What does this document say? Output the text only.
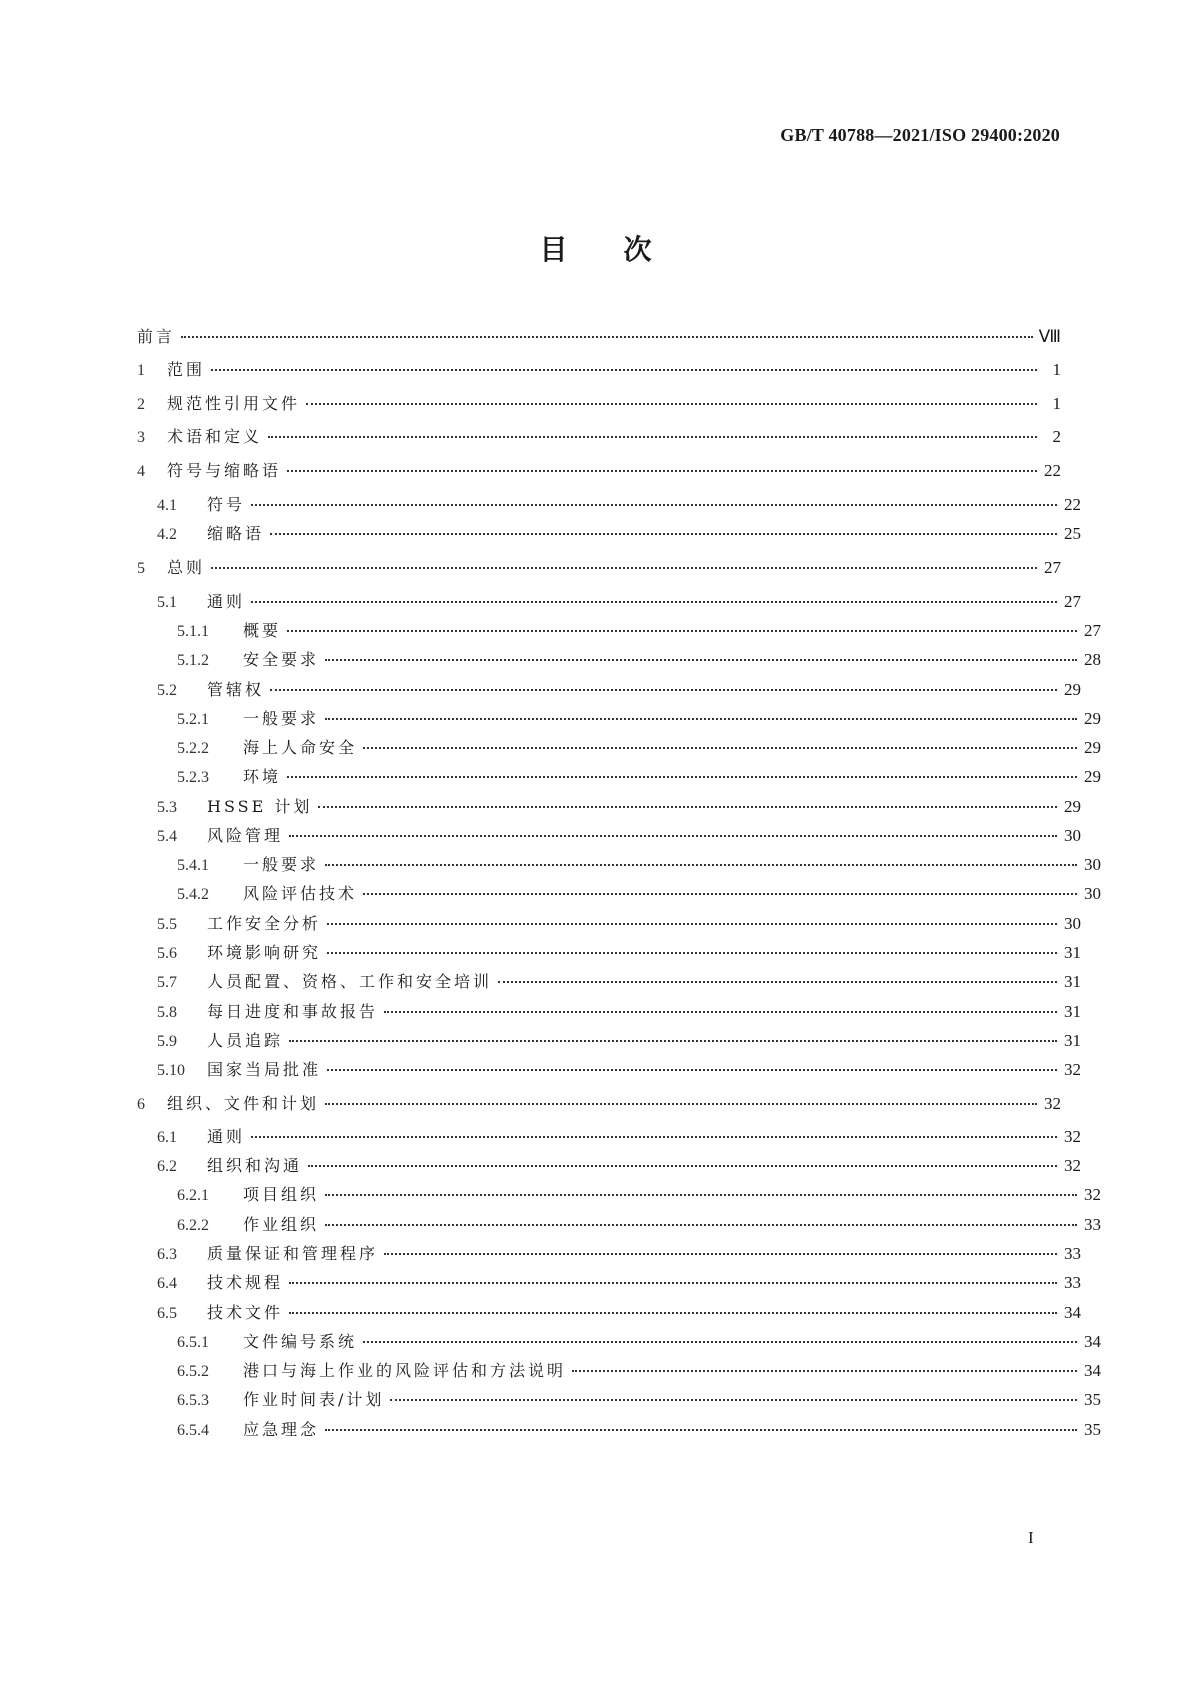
GB/T 40788—2021/ISO 29400:2020
目　　次
前言	Ⅷ
1	范围	1
2	规范性引用文件	1
3	术语和定义	2
4	符号与缩略语	22
4.1	符号	22
4.2	缩略语	25
5	总则	27
5.1	通则	27
5.1.1	概要	27
5.1.2	安全要求	28
5.2	管辖权	29
5.2.1	一般要求	29
5.2.2	海上人命安全	29
5.2.3	环境	29
5.3	HSSE 计划	29
5.4	风险管理	30
5.4.1	一般要求	30
5.4.2	风险评估技术	30
5.5	工作安全分析	30
5.6	环境影响研究	31
5.7	人员配置、资格、工作和安全培训	31
5.8	每日进度和事故报告	31
5.9	人员追踪	31
5.10	国家当局批准	32
6	组织、文件和计划	32
6.1	通则	32
6.2	组织和沟通	32
6.2.1	项目组织	32
6.2.2	作业组织	33
6.3	质量保证和管理程序	33
6.4	技术规程	33
6.5	技术文件	34
6.5.1	文件编号系统	34
6.5.2	港口与海上作业的风险评估和方法说明	34
6.5.3	作业时间表/计划	35
6.5.4	应急理念	35
I
